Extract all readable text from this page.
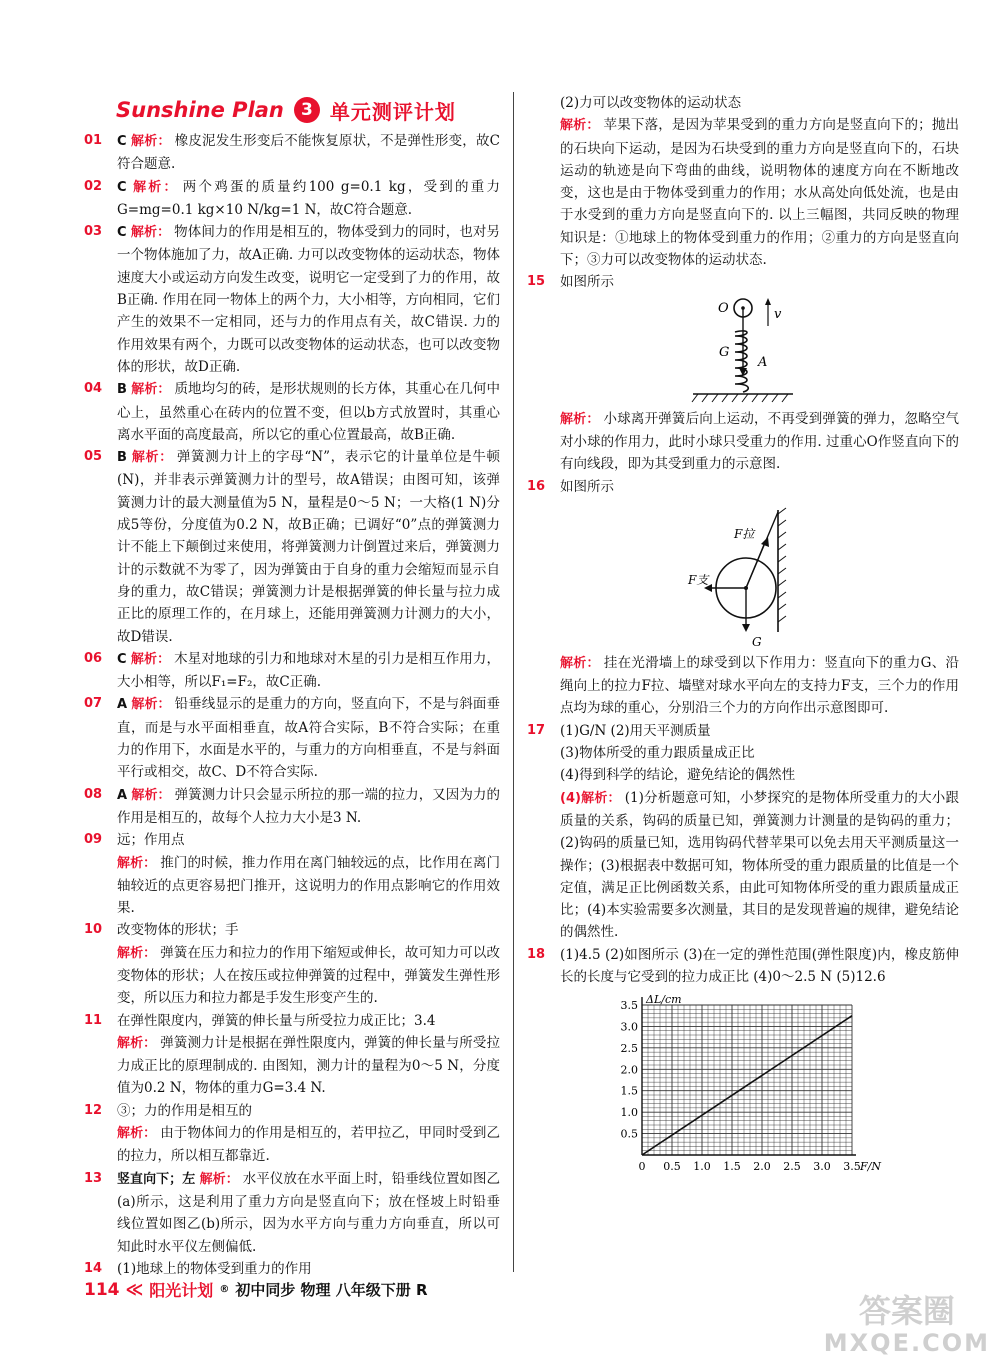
Sunshine Plan	3 单元测评计划
01	C 解析： 橡皮泥发生形变后不能恢复原状，不是弹性形变，故C符合题意.
02	C 解析： 两个鸡蛋的质量约100 g=0.1 kg，受到的重力G=mg=0.1 kg×10 N/kg=1 N，故C符合题意.
03	C 解析： 物体间力的作用是相互的，物体受到力的同时，也对另一个物体施加了力，故A正确. 力可以改变物体的运动状态，物体速度大小或运动方向发生改变，说明它一定受到了力的作用，故B正确. 作用在同一物体上的两个力，大小相等，方向相同，它们产生的效果不一定相同，还与力的作用点有关，故C错误. 力的作用效果有两个，力既可以改变物体的运动状态，也可以改变物体的形状，故D正确.
04	B 解析： 质地均匀的砖，是形状规则的长方体，其重心在几何中心上，虽然重心在砖内的位置不变，但以b方式放置时，其重心离水平面的高度最高，所以它的重心位置最高，故B正确.
05	B 解析： 弹簧测力计上的字母“N”，表示它的计量单位是牛顿(N)，并非表示弹簧测力计的型号，故A错误；由图可知，该弹簧测力计的最大测量值为5 N，量程是0～5 N；一大格(1 N)分成5等份，分度值为0.2 N，故B正确；已调好“0”点的弹簧测力计不能上下颠倒过来使用，将弹簧测力计倒置过来后，弹簧测力计的示数就不为零了，因为弹簧由于自身的重力会缩短而显示自身的重力，故C错误；弹簧测力计是根据弹簧的伸长量与拉力成正比的原理工作的，在月球上，还能用弹簧测力计测力的大小，故D错误.
06	C 解析： 木星对地球的引力和地球对木星的引力是相互作用力，大小相等，所以F₁=F₂，故C正确.
07	A 解析： 铅垂线显示的是重力的方向，竖直向下，不是与斜面垂直，而是与水平面相垂直，故A符合实际，B不符合实际；在重力的作用下，水面是水平的，与重力的方向相垂直，不是与斜面平行或相交，故C、D不符合实际.
08	A 解析： 弹簧测力计只会显示所拉的那一端的拉力，又因为力的作用是相互的，故每个人拉力大小是3 N.
09 远；作用点
解析： 推门的时候，推力作用在离门轴较远的点，比作用在离门轴较近的点更容易把门推开，这说明力的作用点影响它的作用效果.
10 改变物体的形状；手
解析： 弹簧在压力和拉力的作用下缩短或伸长，故可知力可以改变物体的形状；人在按压或拉伸弹簧的过程中，弹簧发生弹性形变，所以压力和拉力都是手发生形变产生的.
11 在弹性限度内，弹簧的伸长量与所受拉力成正比；3.4
解析： 弹簧测力计是根据在弹性限度内，弹簧的伸长量与所受拉力成正比的原理制成的. 由图知，测力计的量程为0～5 N，分度值为0.2 N，物体的重力G=3.4 N.
12 ③；力的作用是相互的
解析： 由于物体间力的作用是相互的，若甲拉乙，甲同时受到乙的拉力，所以相互都靠近.
13	竖直向下；左 解析： 水平仪放在水平面上时，铅垂线位置如图乙(a)所示，这是利用了重力方向是竖直向下；放在怪坡上时铅垂线位置如图乙(b)所示，因为水平方向与重力方向垂直，所以可知此时水平仪左侧偏低.
14 (1)地球上的物体受到重力的作用
(2)力可以改变物体的运动状态
解析： 苹果下落，是因为苹果受到的重力方向是竖直向下的；抛出的石块向下运动，是因为石块受到的重力方向是竖直向下的，石块运动的轨迹是向下弯曲的曲线，说明物体的速度方向在不断地改变，这也是由于物体受到重力的作用；水从高处向低处流，也是由于水受到的重力方向是竖直向下的. 以上三幅图，共同反映的物理知识是：①地球上的物体受到重力的作用；②重力的方向是竖直向下；③力可以改变物体的运动状态.
15 如图所示
O	v
G
A
解析： 小球离开弹簧后向上运动，不再受到弹簧的弹力，忽略空气对小球的作用力，此时小球只受重力的作用. 过重心O作竖直向下的有向线段，即为其受到重力的示意图.
16 如图所示
F拉
F支
G
解析： 挂在光滑墙上的球受到以下作用力：竖直向下的重力G、沿绳向上的拉力F拉、墙壁对球水平向左的支持力F支，三个力的作用点均为球的重心，分别沿三个力的方向作出示意图即可.
17 (1)G/N (2)用天平测质量
(3)物体所受的重力跟质量成正比
(4)得到科学的结论，避免结论的偶然性
(4)解析： (1)分析题意可知，小梦探究的是物体所受重力的大小跟质量的关系，钩码的质量已知，弹簧测力计测量的是钩码的重力；(2)钩码的质量已知，选用钩码代替苹果可以免去用天平测质量这一操作；(3)根据表中数据可知，物体所受的重力跟质量的比值是一个定值，满足正比例函数关系，由此可知物体所受的重力跟质量成正比；(4)本实验需要多次测量，其目的是发现普遍的规律，避免结论的偶然性.
18	(1)4.5 (2)如图所示 (3)在一定的弹性范围(弹性限度)内，橡皮筋伸长的长度与它受到的拉力成正比 (4)0～2.5 N (5)12.6
0 0.5 1.0 1.5 2.0 2.5 3.0 3.5
0.5
1.0
1.5
2.0
2.5
3.0
3.5
F/N
ΔL/cm
114 ≪ 阳光计划 ® 初中同步 物理 八年级下册 R
答案圈
MXQE.COM
